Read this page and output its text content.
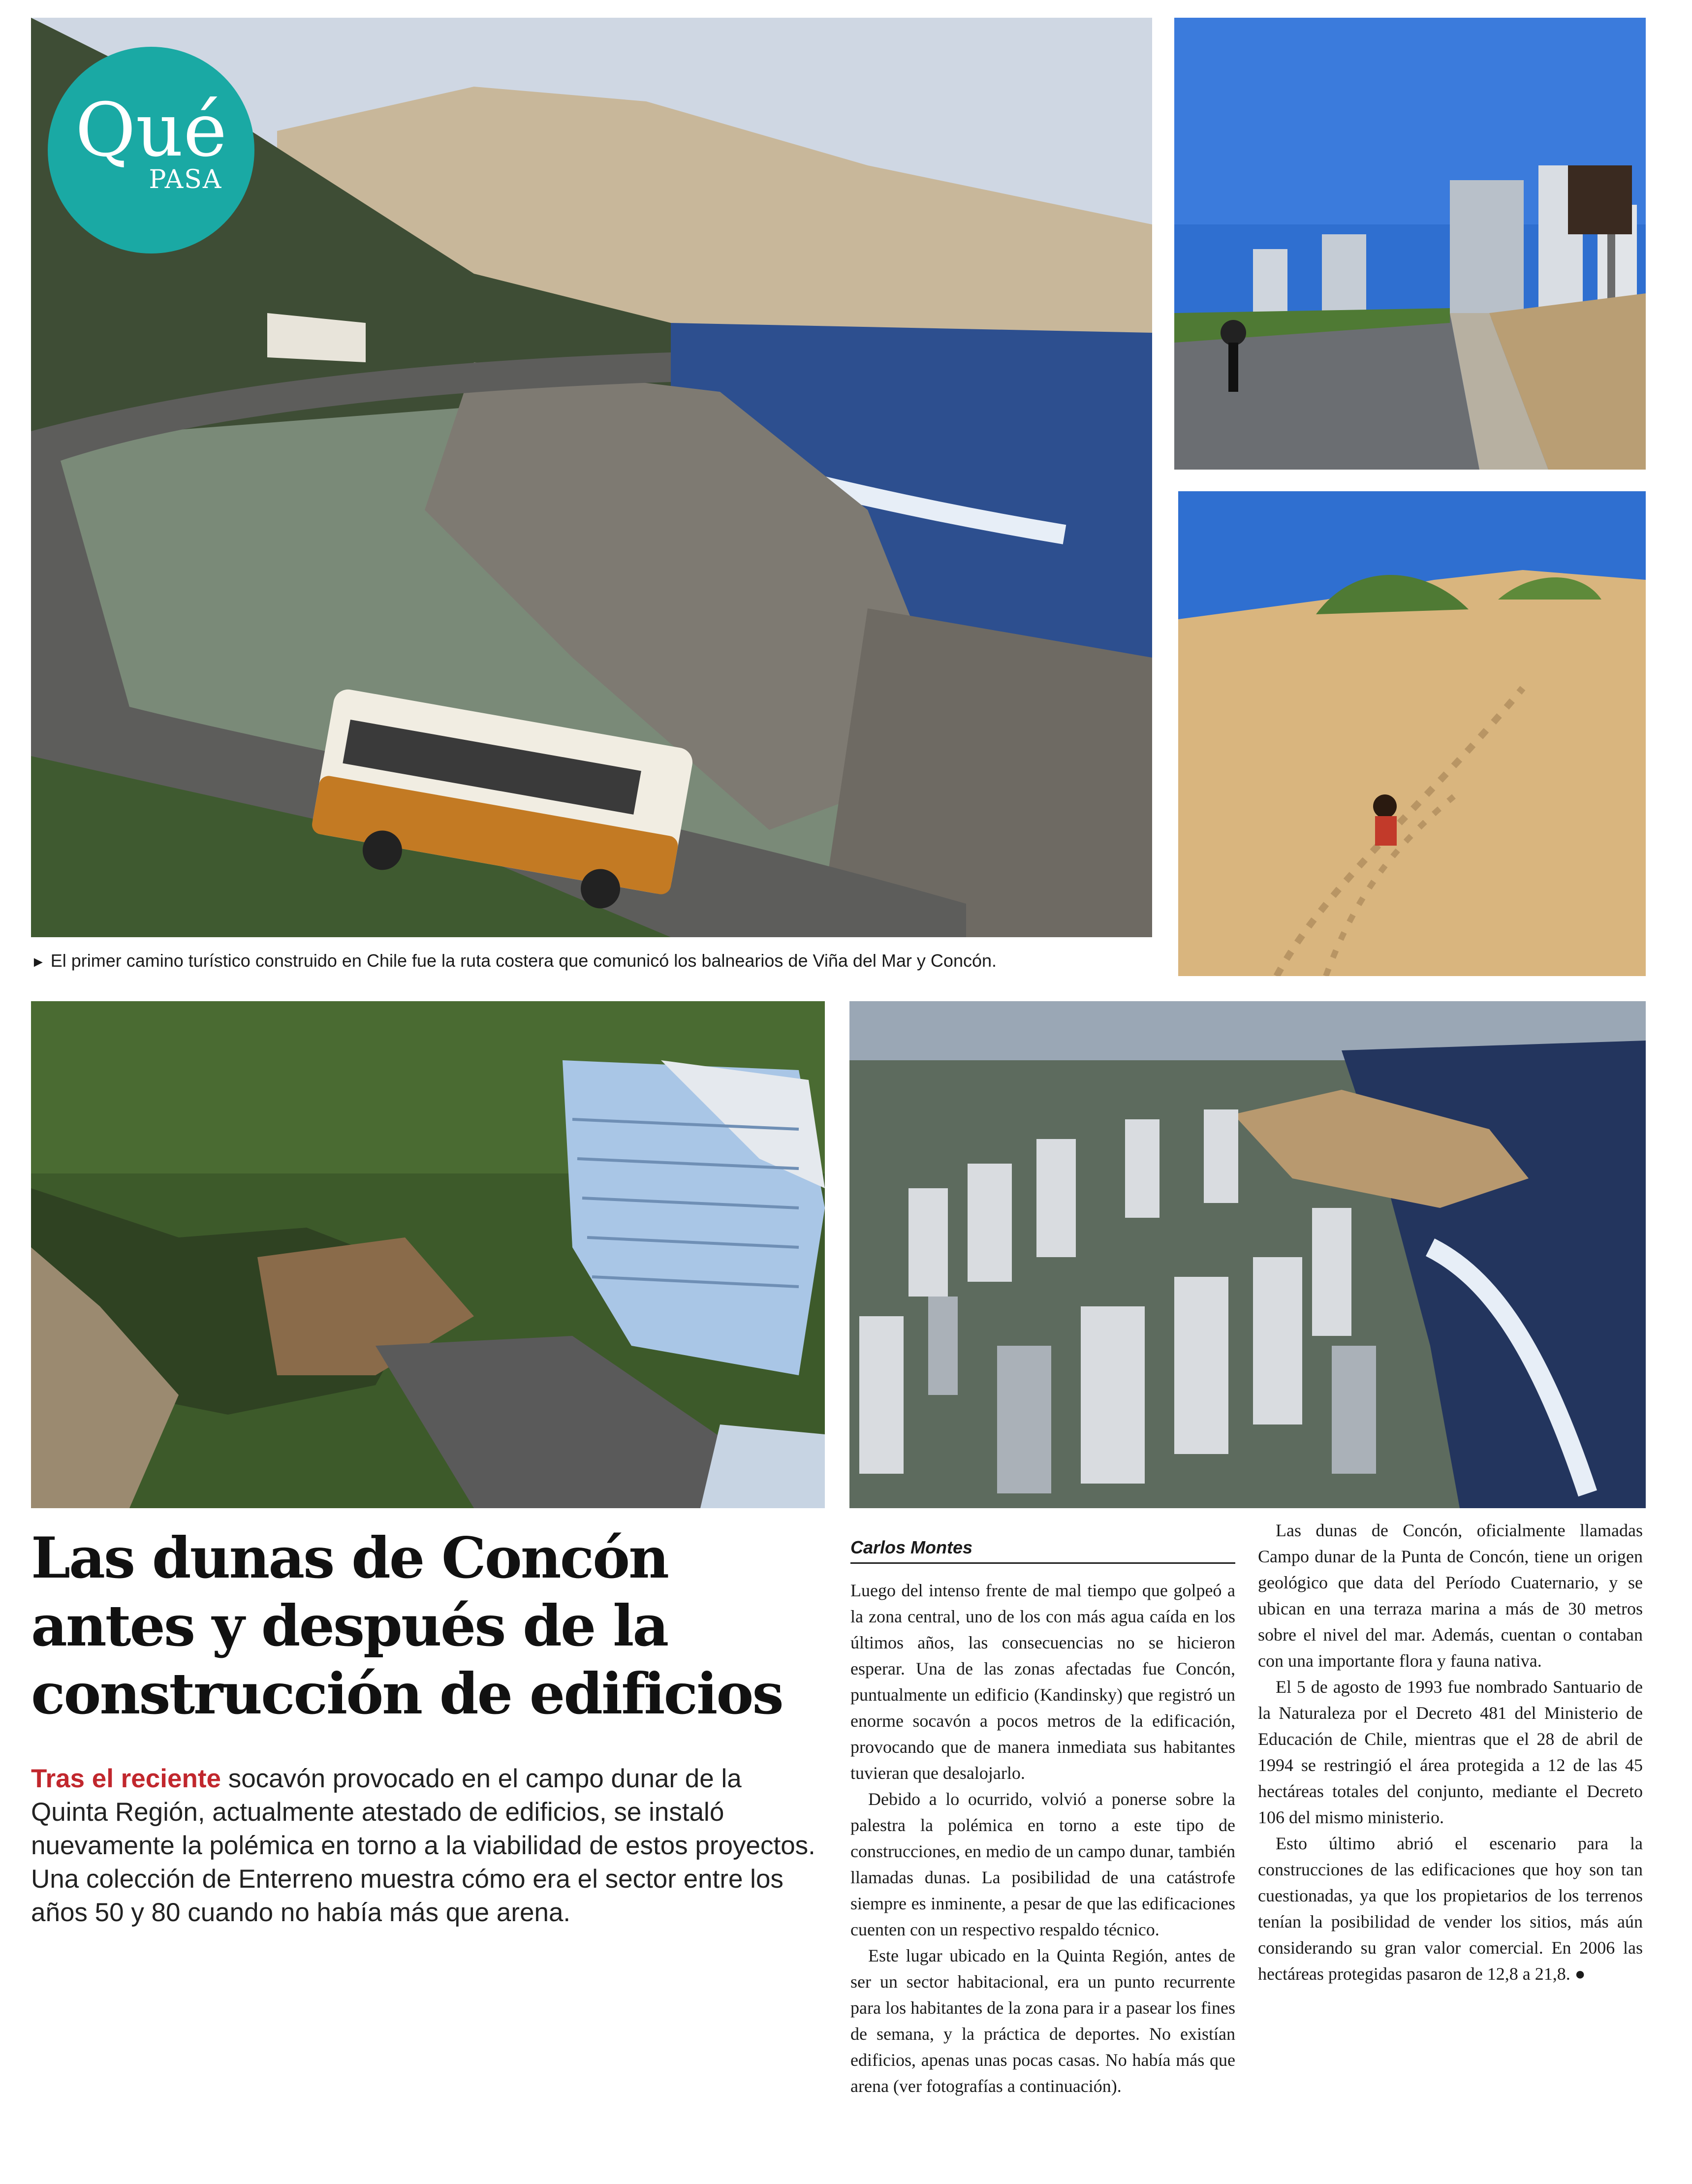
Qué
PASA
► El primer camino turístico construido en Chile fue la ruta costera que comunicó los balnearios de Viña del Mar y Concón.
Las dunas de Concón antes y después de la construcción de edificios
Tras el reciente socavón provocado en el campo dunar de la Quinta Región, actualmente atestado de edificios, se instaló nuevamente la polémica en torno a la viabilidad de estos proyectos. Una colección de Enterreno muestra cómo era el sector entre los años 50 y 80 cuando no había más que arena.
Carlos Montes

Luego del intenso frente de mal tiempo que golpeó a la zona central, uno de los con más agua caída en los últimos años, las consecuencias no se hicieron esperar. Una de las zonas afectadas fue Concón, puntualmente un edificio (Kandinsky) que registró un enorme socavón a pocos metros de la edificación, provocando que de manera inmediata sus habitantes tuvieran que desalojarlo.

Debido a lo ocurrido, volvió a ponerse sobre la palestra la polémica en torno a este tipo de construcciones, en medio de un campo dunar, también llamadas dunas. La posibilidad de una catástrofe siempre es inminente, a pesar de que las edificaciones cuenten con un respectivo respaldo técnico.

Este lugar ubicado en la Quinta Región, antes de ser un sector habitacional, era un punto recurrente para los habitantes de la zona para ir a pasear los fines de semana, y la práctica de deportes. No existían edificios, apenas unas pocas casas. No había más que arena (ver fotografías a continuación).

Las dunas de Concón, oficialmente llamadas Campo dunar de la Punta de Concón, tiene un origen geológico que data del Período Cuaternario, y se ubican en una terraza marina a más de 30 metros sobre el nivel del mar. Además, cuentan o contaban con una importante flora y fauna nativa.

El 5 de agosto de 1993 fue nombrado Santuario de la Naturaleza por el Decreto 481 del Ministerio de Educación de Chile, mientras que el 28 de abril de 1994 se restringió el área protegida a 12 de las 45 hectáreas totales del conjunto, mediante el Decreto 106 del mismo ministerio.

Esto último abrió el escenario para la construcciones de las edificaciones que hoy son tan cuestionadas, ya que los propietarios de los terrenos tenían la posibilidad de vender los sitios, más aún considerando su gran valor comercial. En 2006 las hectáreas protegidas pasaron de 12,8 a 21,8. ●
